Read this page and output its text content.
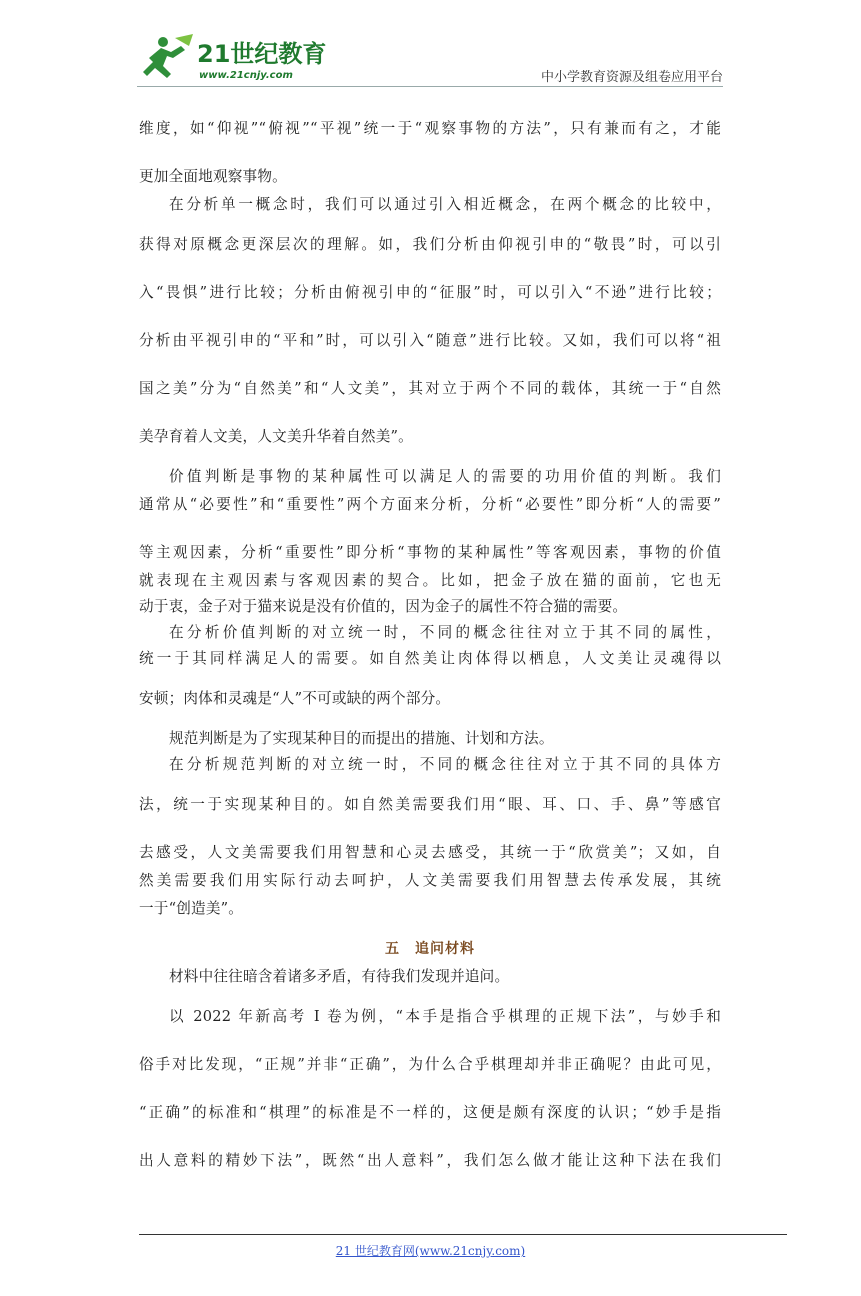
21世纪教育
www.21cnjy.com	中小学教育资源及组卷应用平台
维度，如“仰视”“俯视”“平视”统一于“观察事物的方法”，只有兼而有之，才能
更加全面地观察事物。
在分析单一概念时，我们可以通过引入相近概念，在两个概念的比较中，
获得对原概念更深层次的理解。如，我们分析由仰视引申的“敬畏”时，可以引
入“畏惧”进行比较；分析由俯视引申的“征服”时，可以引入“不逊”进行比较；
分析由平视引申的“平和”时，可以引入“随意”进行比较。又如，我们可以将“祖
国之美”分为“自然美”和“人文美”，其对立于两个不同的载体，其统一于“自然
美孕育着人文美，人文美升华着自然美”。
价值判断是事物的某种属性可以满足人的需要的功用价值的判断。我们
通常从“必要性”和“重要性”两个方面来分析，分析“必要性”即分析“人的需要”
等主观因素，分析“重要性”即分析“事物的某种属性”等客观因素，事物的价值
就表现在主观因素与客观因素的契合。比如，把金子放在猫的面前，它也无
动于衷，金子对于猫来说是没有价值的，因为金子的属性不符合猫的需要。
在分析价值判断的对立统一时，不同的概念往往对立于其不同的属性，
统一于其同样满足人的需要。如自然美让肉体得以栖息，人文美让灵魂得以
安顿；肉体和灵魂是“人”不可或缺的两个部分。
规范判断是为了实现某种目的而提出的措施、计划和方法。
在分析规范判断的对立统一时，不同的概念往往对立于其不同的具体方
法，统一于实现某种目的。如自然美需要我们用“眼、耳、口、手、鼻”等感官
去感受，人文美需要我们用智慧和心灵去感受，其统一于“欣赏美”；又如，自
然美需要我们用实际行动去呵护，人文美需要我们用智慧去传承发展，其统
一于“创造美”。
五　追问材料
材料中往往暗含着诸多矛盾，有待我们发现并追问。
以 2022 年新高考 I 卷为例，“本手是指合乎棋理的正规下法”，与妙手和
俗手对比发现，“正规”并非“正确”，为什么合乎棋理却并非正确呢？由此可见，
“正确”的标准和“棋理”的标准是不一样的，这便是颇有深度的认识；“妙手是指
出人意料的精妙下法”，既然“出人意料”，我们怎么做才能让这种下法在我们
21 世纪教育网(www.21cnjy.com)
